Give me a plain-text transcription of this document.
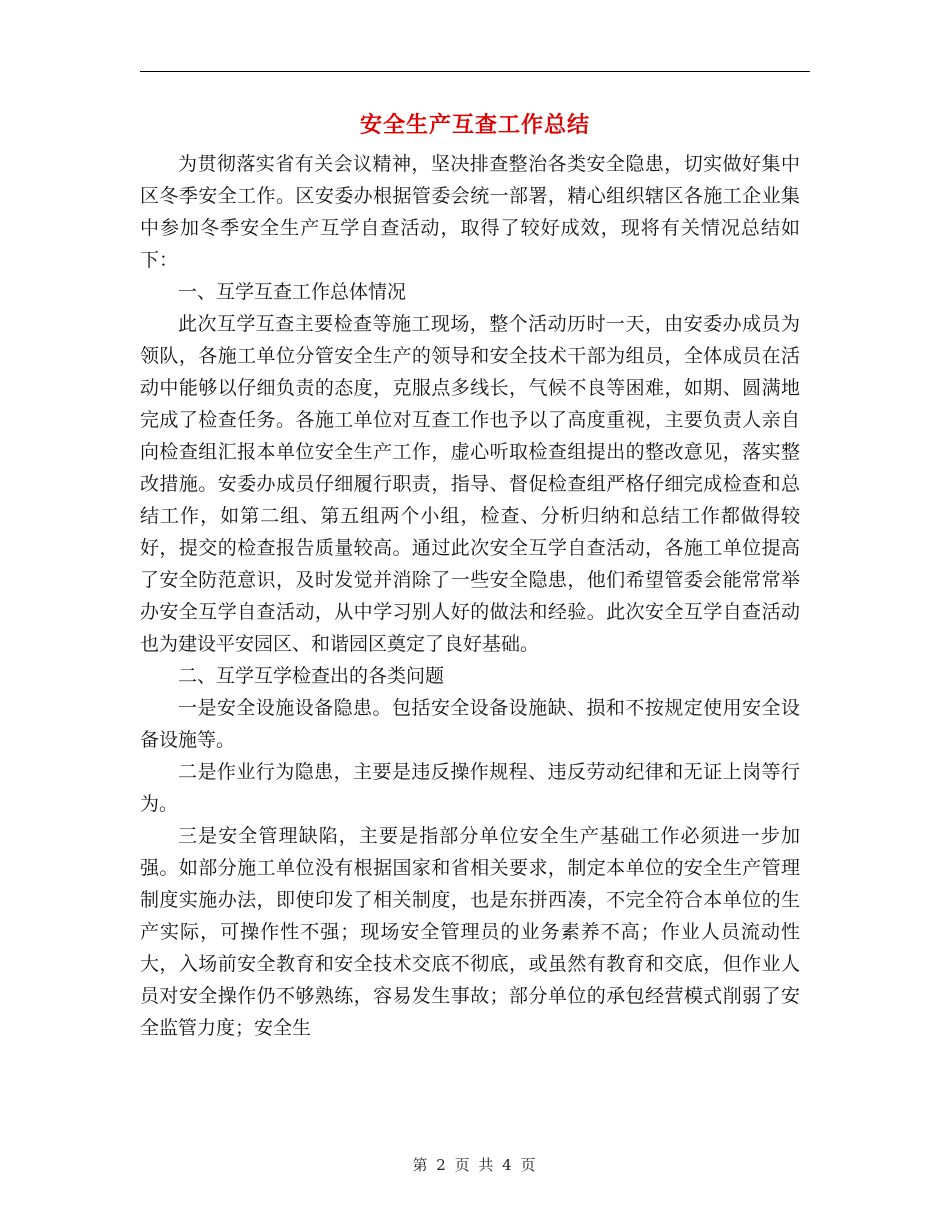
安全生产互查工作总结

为贯彻落实省有关会议精神，坚决排查整治各类安全隐患，切实做好集中区冬季安全工作。区安委办根据管委会统一部署，精心组织辖区各施工企业集中参加冬季安全生产互学自查活动，取得了较好成效，现将有关情况总结如下：

一、互学互查工作总体情况

此次互学互查主要检查等施工现场，整个活动历时一天，由安委办成员为领队，各施工单位分管安全生产的领导和安全技术干部为组员，全体成员在活动中能够以仔细负责的态度，克服点多线长，气候不良等困难，如期、圆满地完成了检查任务。各施工单位对互查工作也予以了高度重视，主要负责人亲自向检查组汇报本单位安全生产工作，虚心听取检查组提出的整改意见，落实整改措施。安委办成员仔细履行职责，指导、督促检查组严格仔细完成检查和总结工作，如第二组、第五组两个小组，检查、分析归纳和总结工作都做得较好，提交的检查报告质量较高。通过此次安全互学自查活动，各施工单位提高了安全防范意识，及时发觉并消除了一些安全隐患，他们希望管委会能常常举办安全互学自查活动，从中学习别人好的做法和经验。此次安全互学自查活动也为建设平安园区、和谐园区奠定了良好基础。

二、互学互学检查出的各类问题

一是安全设施设备隐患。包括安全设备设施缺、损和不按规定使用安全设备设施等。

二是作业行为隐患，主要是违反操作规程、违反劳动纪律和无证上岗等行为。

三是安全管理缺陷，主要是指部分单位安全生产基础工作必须进一步加强。如部分施工单位没有根据国家和省相关要求，制定本单位的安全生产管理制度实施办法，即使印发了相关制度，也是东拼西凑，不完全符合本单位的生产实际，可操作性不强；现场安全管理员的业务素养不高；作业人员流动性大，入场前安全教育和安全技术交底不彻底，或虽然有教育和交底，但作业人员对安全操作仍不够熟练，容易发生事故；部分单位的承包经营模式削弱了安全监管力度；安全生

第 2 页 共 4 页
